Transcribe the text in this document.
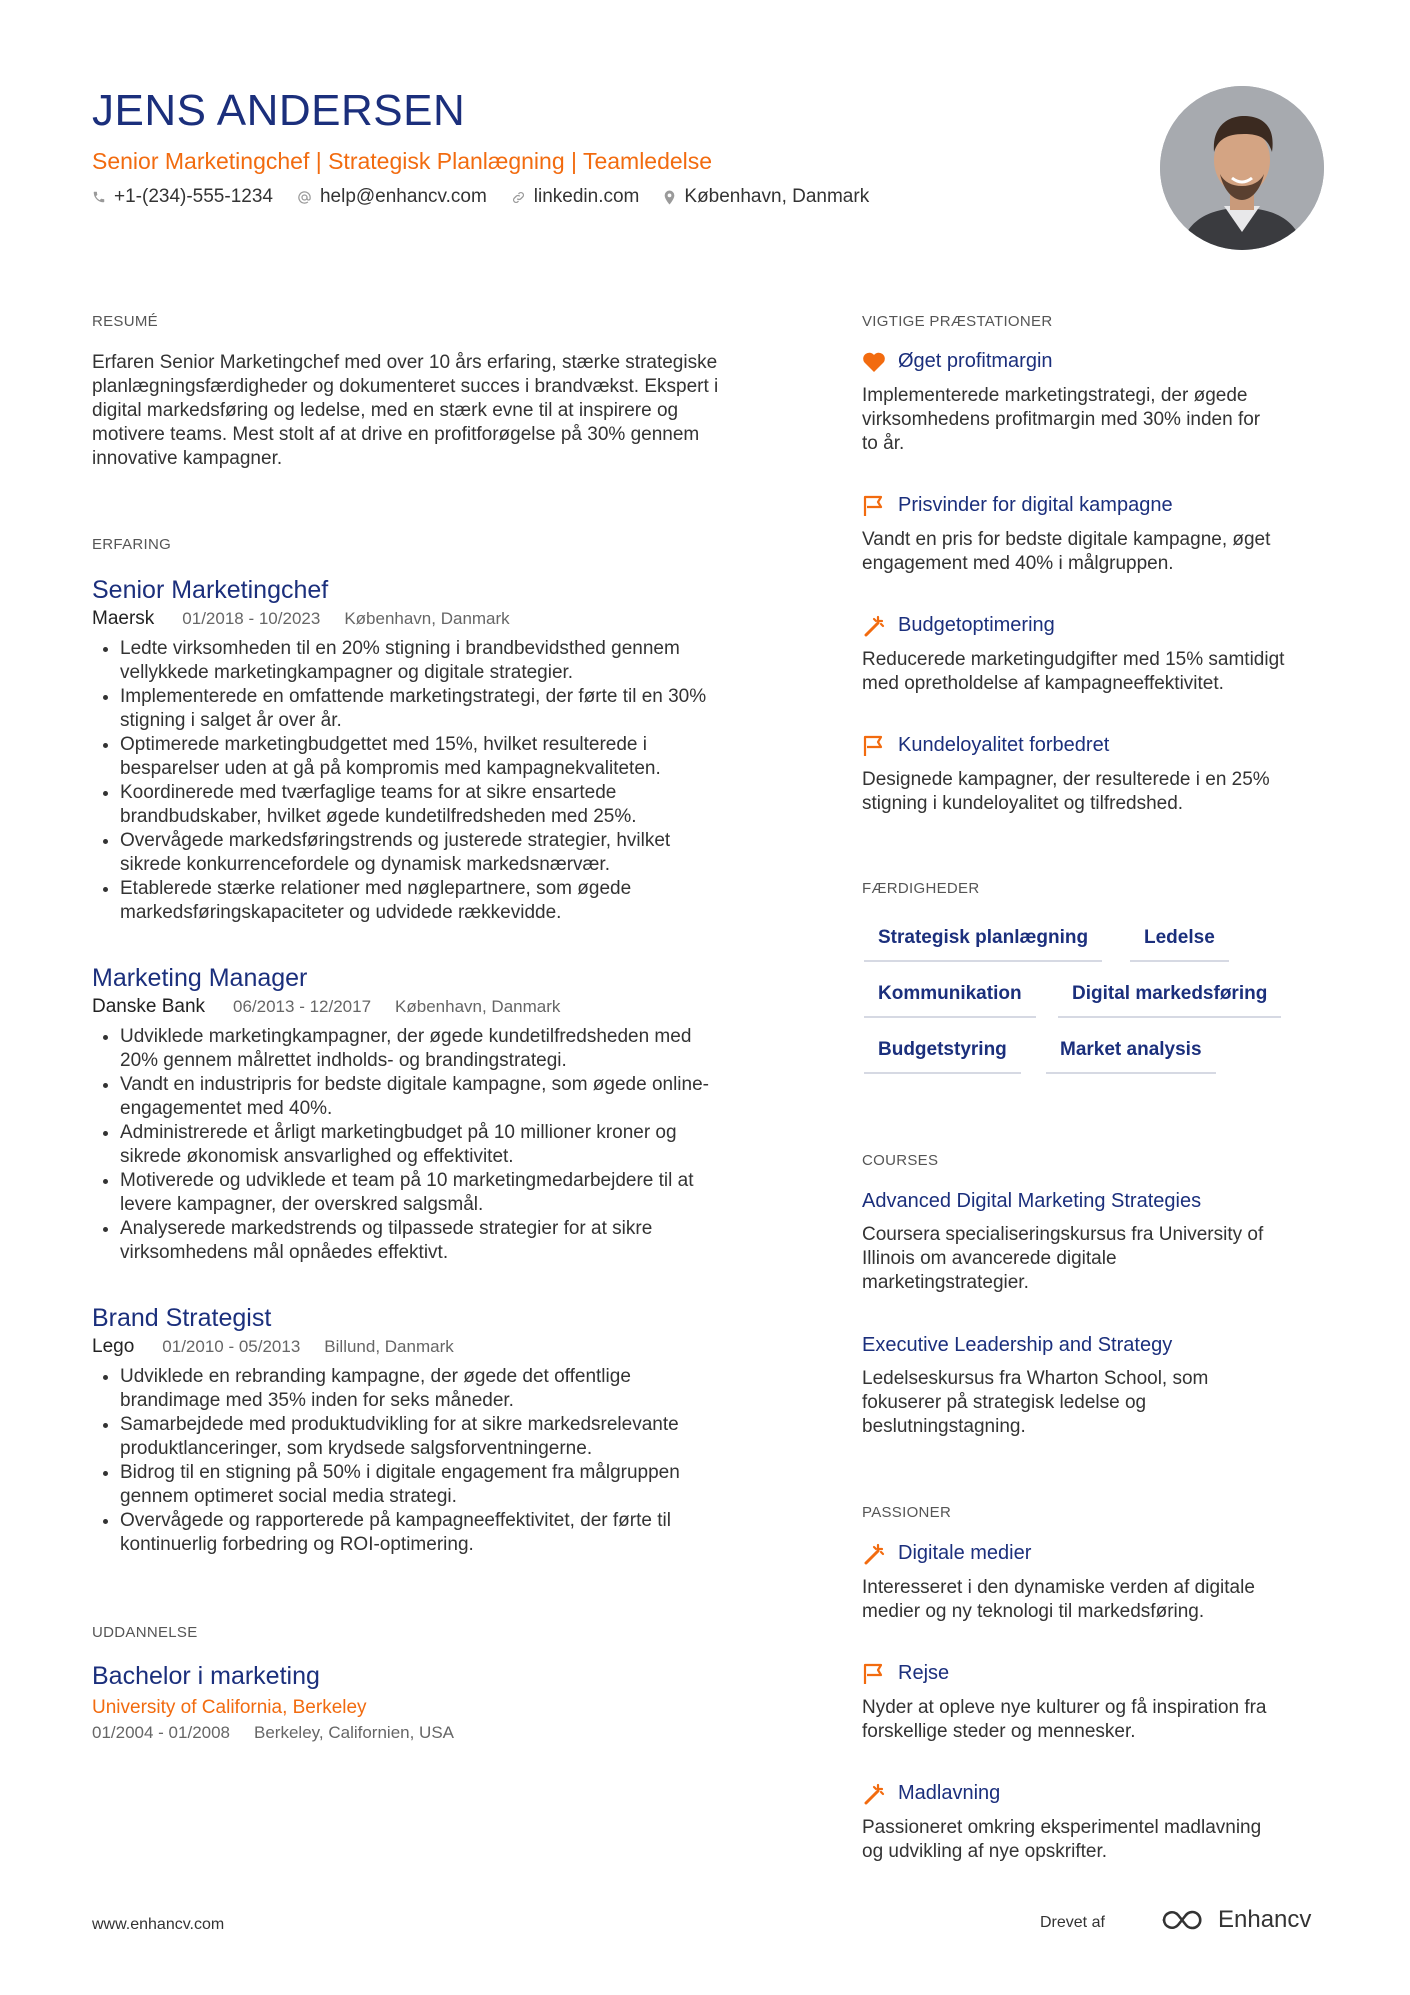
JENS ANDERSEN
Senior Marketingchef | Strategisk Planlægning | Teamledelse
+1-(234)-555-1234 help@enhancv.com linkedin.com København, Danmark
RESUMÉ
Erfaren Senior Marketingchef med over 10 års erfaring, stærke strategiske
planlægningsfærdigheder og dokumenteret succes i brandvækst. Ekspert i
digital markedsføring og ledelse, med en stærk evne til at inspirere og
motivere teams. Mest stolt af at drive en profitforøgelse på 30% gennem
innovative kampagner.
ERFARING
Senior Marketingchef
Maersk 01/2018 - 10/2023 København, Danmark
• Ledte virksomheden til en 20% stigning i brandbevidsthed gennem
vellykkede marketingkampagner og digitale strategier.
• Implementerede en omfattende marketingstrategi, der førte til en 30%
stigning i salget år over år.
• Optimerede marketingbudgettet med 15%, hvilket resulterede i
besparelser uden at gå på kompromis med kampagnekvaliteten.
• Koordinerede med tværfaglige teams for at sikre ensartede
brandbudskaber, hvilket øgede kundetilfredsheden med 25%.
• Overvågede markedsføringstrends og justerede strategier, hvilket
sikrede konkurrencefordele og dynamisk markedsnærvær.
• Etablerede stærke relationer med nøglepartnere, som øgede
markedsføringskapaciteter og udvidede rækkevidde.
Marketing Manager
Danske Bank 06/2013 - 12/2017 København, Danmark
• Udviklede marketingkampagner, der øgede kundetilfredsheden med
20% gennem målrettet indholds- og brandingstrategi.
• Vandt en industripris for bedste digitale kampagne, som øgede online-
engagementet med 40%.
• Administrerede et årligt marketingbudget på 10 millioner kroner og
sikrede økonomisk ansvarlighed og effektivitet.
• Motiverede og udviklede et team på 10 marketingmedarbejdere til at
levere kampagner, der overskred salgsmål.
• Analyserede markedstrends og tilpassede strategier for at sikre
virksomhedens mål opnåedes effektivt.
Brand Strategist
Lego 01/2010 - 05/2013 Billund, Danmark
• Udviklede en rebranding kampagne, der øgede det offentlige
brandimage med 35% inden for seks måneder.
• Samarbejdede med produktudvikling for at sikre markedsrelevante
produktlanceringer, som krydsede salgsforventningerne.
• Bidrog til en stigning på 50% i digitale engagement fra målgruppen
gennem optimeret social media strategi.
• Overvågede og rapporterede på kampagneeffektivitet, der førte til
kontinuerlig forbedring og ROI-optimering.
UDDANNELSE
Bachelor i marketing
University of California, Berkeley
01/2004 - 01/2008 Berkeley, Californien, USA
VIGTIGE PRÆSTATIONER
Øget profitmargin
Implementerede marketingstrategi, der øgede
virksomhedens profitmargin med 30% inden for
to år.
Prisvinder for digital kampagne
Vandt en pris for bedste digitale kampagne, øget
engagement med 40% i målgruppen.
Budgetoptimering
Reducerede marketingudgifter med 15% samtidigt
med opretholdelse af kampagneeffektivitet.
Kundeloyalitet forbedret
Designede kampagner, der resulterede i en 25%
stigning i kundeloyalitet og tilfredshed.
FÆRDIGHEDER
Strategisk planlægning	Ledelse
Kommunikation	Digital markedsføring
Budgetstyring	Market analysis
COURSES
Advanced Digital Marketing Strategies
Coursera specialiseringskursus fra University of
Illinois om avancerede digitale
marketingstrategier.
Executive Leadership and Strategy
Ledelseskursus fra Wharton School, som
fokuserer på strategisk ledelse og
beslutningstagning.
PASSIONER
Digitale medier
Interesseret i den dynamiske verden af digitale
medier og ny teknologi til markedsføring.
Rejse
Nyder at opleve nye kulturer og få inspiration fra
forskellige steder og mennesker.
Madlavning
Passioneret omkring eksperimentel madlavning
og udvikling af nye opskrifter.
www.enhancv.com	Drevet af	Enhancv
